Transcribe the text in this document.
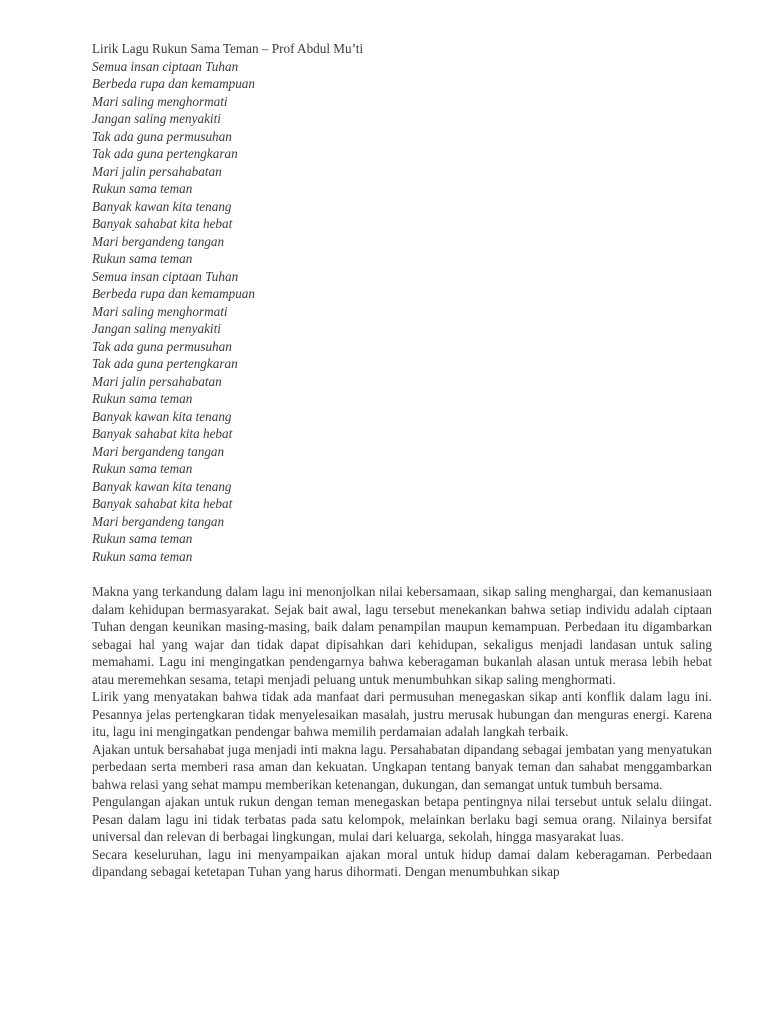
Lirik Lagu Rukun Sama Teman – Prof Abdul Mu’ti

Semua insan ciptaan Tuhan
Berbeda rupa dan kemampuan
Mari saling menghormati
Jangan saling menyakiti
Tak ada guna permusuhan
Tak ada guna pertengkaran
Mari jalin persahabatan
Rukun sama teman
Banyak kawan kita tenang
Banyak sahabat kita hebat
Mari bergandeng tangan
Rukun sama teman
Semua insan ciptaan Tuhan
Berbeda rupa dan kemampuan
Mari saling menghormati
Jangan saling menyakiti
Tak ada guna permusuhan
Tak ada guna pertengkaran
Mari jalin persahabatan
Rukun sama teman
Banyak kawan kita tenang
Banyak sahabat kita hebat
Mari bergandeng tangan
Rukun sama teman
Banyak kawan kita tenang
Banyak sahabat kita hebat
Mari bergandeng tangan
Rukun sama teman
Rukun sama teman

Makna yang terkandung dalam lagu ini menonjolkan nilai kebersamaan, sikap saling menghargai, dan kemanusiaan dalam kehidupan bermasyarakat. Sejak bait awal, lagu tersebut menekankan bahwa setiap individu adalah ciptaan Tuhan dengan keunikan masing-masing, baik dalam penampilan maupun kemampuan. Perbedaan itu digambarkan sebagai hal yang wajar dan tidak dapat dipisahkan dari kehidupan, sekaligus menjadi landasan untuk saling memahami. Lagu ini mengingatkan pendengarnya bahwa keberagaman bukanlah alasan untuk merasa lebih hebat atau meremehkan sesama, tetapi menjadi peluang untuk menumbuhkan sikap saling menghormati.

Lirik yang menyatakan bahwa tidak ada manfaat dari permusuhan menegaskan sikap anti konflik dalam lagu ini. Pesannya jelas pertengkaran tidak menyelesaikan masalah, justru merusak hubungan dan menguras energi. Karena itu, lagu ini mengingatkan pendengar bahwa memilih perdamaian adalah langkah terbaik.

Ajakan untuk bersahabat juga menjadi inti makna lagu. Persahabatan dipandang sebagai jembatan yang menyatukan perbedaan serta memberi rasa aman dan kekuatan. Ungkapan tentang banyak teman dan sahabat menggambarkan bahwa relasi yang sehat mampu memberikan ketenangan, dukungan, dan semangat untuk tumbuh bersama.

Pengulangan ajakan untuk rukun dengan teman menegaskan betapa pentingnya nilai tersebut untuk selalu diingat. Pesan dalam lagu ini tidak terbatas pada satu kelompok, melainkan berlaku bagi semua orang. Nilainya bersifat universal dan relevan di berbagai lingkungan, mulai dari keluarga, sekolah, hingga masyarakat luas.

Secara keseluruhan, lagu ini menyampaikan ajakan moral untuk hidup damai dalam keberagaman. Perbedaan dipandang sebagai ketetapan Tuhan yang harus dihormati. Dengan menumbuhkan sikap
